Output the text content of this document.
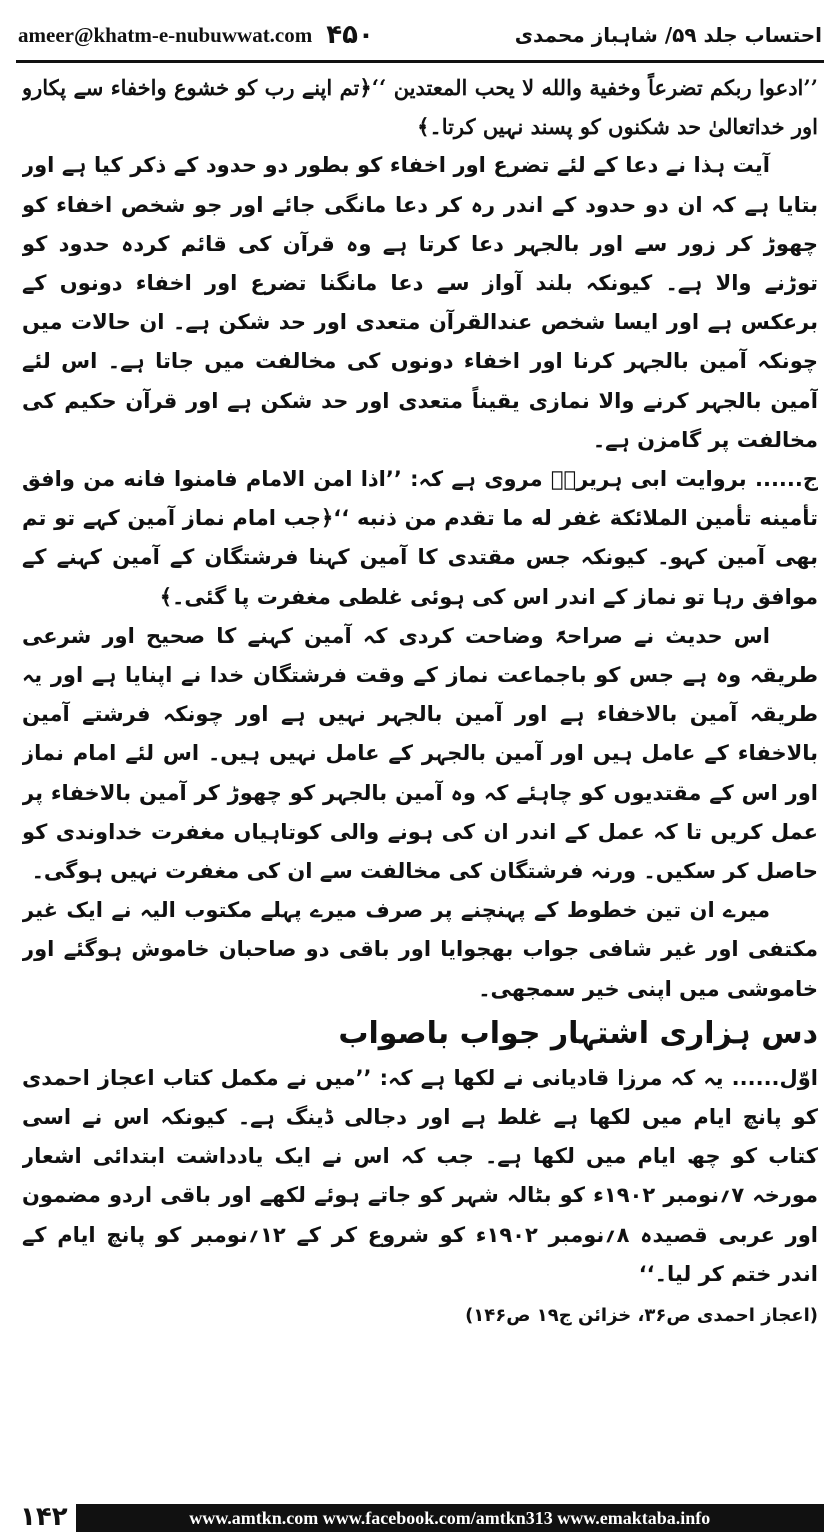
ameer@khatm-e-nubuwwat.com ۴۵۰	احتساب جلد ۵۹/ شاہباز محمدی

’’ادعوا ربكم تضرعاً وخفية والله لا يحب المعتدين ‘‘﴿تم اپنے رب کو خشوع واخفاء سے پکارو اور خداتعالیٰ حد شکنوں کو پسند نہیں کرتا۔﴾

آیت ہذا نے دعا کے لئے تضرع اور اخفاء کو بطور دو حدود کے ذکر کیا ہے اور بتایا ہے کہ ان دو حدود کے اندر رہ کر دعا مانگی جائے اور جو شخص اخفاء کو چھوڑ کر زور سے اور بالجہر دعا کرتا ہے وہ قرآن کی قائم کردہ حدود کو توڑنے والا ہے۔ کیونکہ بلند آواز سے دعا مانگنا تضرع اور اخفاء دونوں کے برعکس ہے اور ایسا شخص عندالقرآن متعدی اور حد شکن ہے۔ ان حالات میں چونکہ آمین بالجہر کرنا اور اخفاء دونوں کی مخالفت میں جاتا ہے۔ اس لئے آمین بالجہر کرنے والا نمازی یقیناً متعدی اور حد شکن ہے اور قرآن حکیم کی مخالفت پر گامزن ہے۔

ج...... بروایت ابی ہریرہؓ مروی ہے کہ: ’’اذا امن الامام فامنوا فانه من وافق تأمينه تأمين الملائكة غفر له ما تقدم من ذنبه ‘‘﴿جب امام نماز آمین کہے تو تم بھی آمین کہو۔ کیونکہ جس مقتدی کا آمین کہنا فرشتگان کے آمین کہنے کے موافق رہا تو نماز کے اندر اس کی ہوئی غلطی مغفرت پا گئی۔﴾

اس حدیث نے صراحۃً وضاحت کردی کہ آمین کہنے کا صحیح اور شرعی طریقہ وہ ہے جس کو باجماعت نماز کے وقت فرشتگان خدا نے اپنایا ہے اور یہ طریقہ آمین بالاخفاء ہے اور آمین بالجہر نہیں ہے اور چونکہ فرشتے آمین بالاخفاء کے عامل ہیں اور آمین بالجہر کے عامل نہیں ہیں۔ اس لئے امام نماز اور اس کے مقتدیوں کو چاہئے کہ وہ آمین بالجہر کو چھوڑ کر آمین بالاخفاء پر عمل کریں تا کہ عمل کے اندر ان کی ہونے والی کوتاہیاں مغفرت خداوندی کو حاصل کر سکیں۔ ورنہ فرشتگان کی مخالفت سے ان کی مغفرت نہیں ہوگی۔

میرے ان تین خطوط کے پہنچنے پر صرف میرے پہلے مکتوب الیہ نے ایک غیر مکتفی اور غیر شافی جواب بھجوایا اور باقی دو صاحبان خاموش ہوگئے اور خاموشی میں اپنی خیر سمجھی۔

دس ہزاری اشتہار جواب باصواب

اوّل...... یہ کہ مرزا قادیانی نے لکھا ہے کہ: ’’میں نے مکمل کتاب اعجاز احمدی کو پانچ ایام میں لکھا ہے غلط ہے اور دجالی ڈینگ ہے۔ کیونکہ اس نے اسی کتاب کو چھ ایام میں لکھا ہے۔ جب کہ اس نے ایک یادداشت ابتدائی اشعار مورخہ ۷؍نومبر ۱۹۰۲ء کو بٹالہ شہر کو جاتے ہوئے لکھے اور باقی اردو مضمون اور عربی قصیدہ ۸؍نومبر ۱۹۰۲ء کو شروع کر کے ۱۲؍نومبر کو پانچ ایام کے اندر ختم کر لیا۔‘‘

(اعجاز احمدی ص۳۶، خزائن ج۱۹ ص۱۴۶)

۱۴۲	www.amtkn.com www.facebook.com/amtkn313 www.emaktaba.info
